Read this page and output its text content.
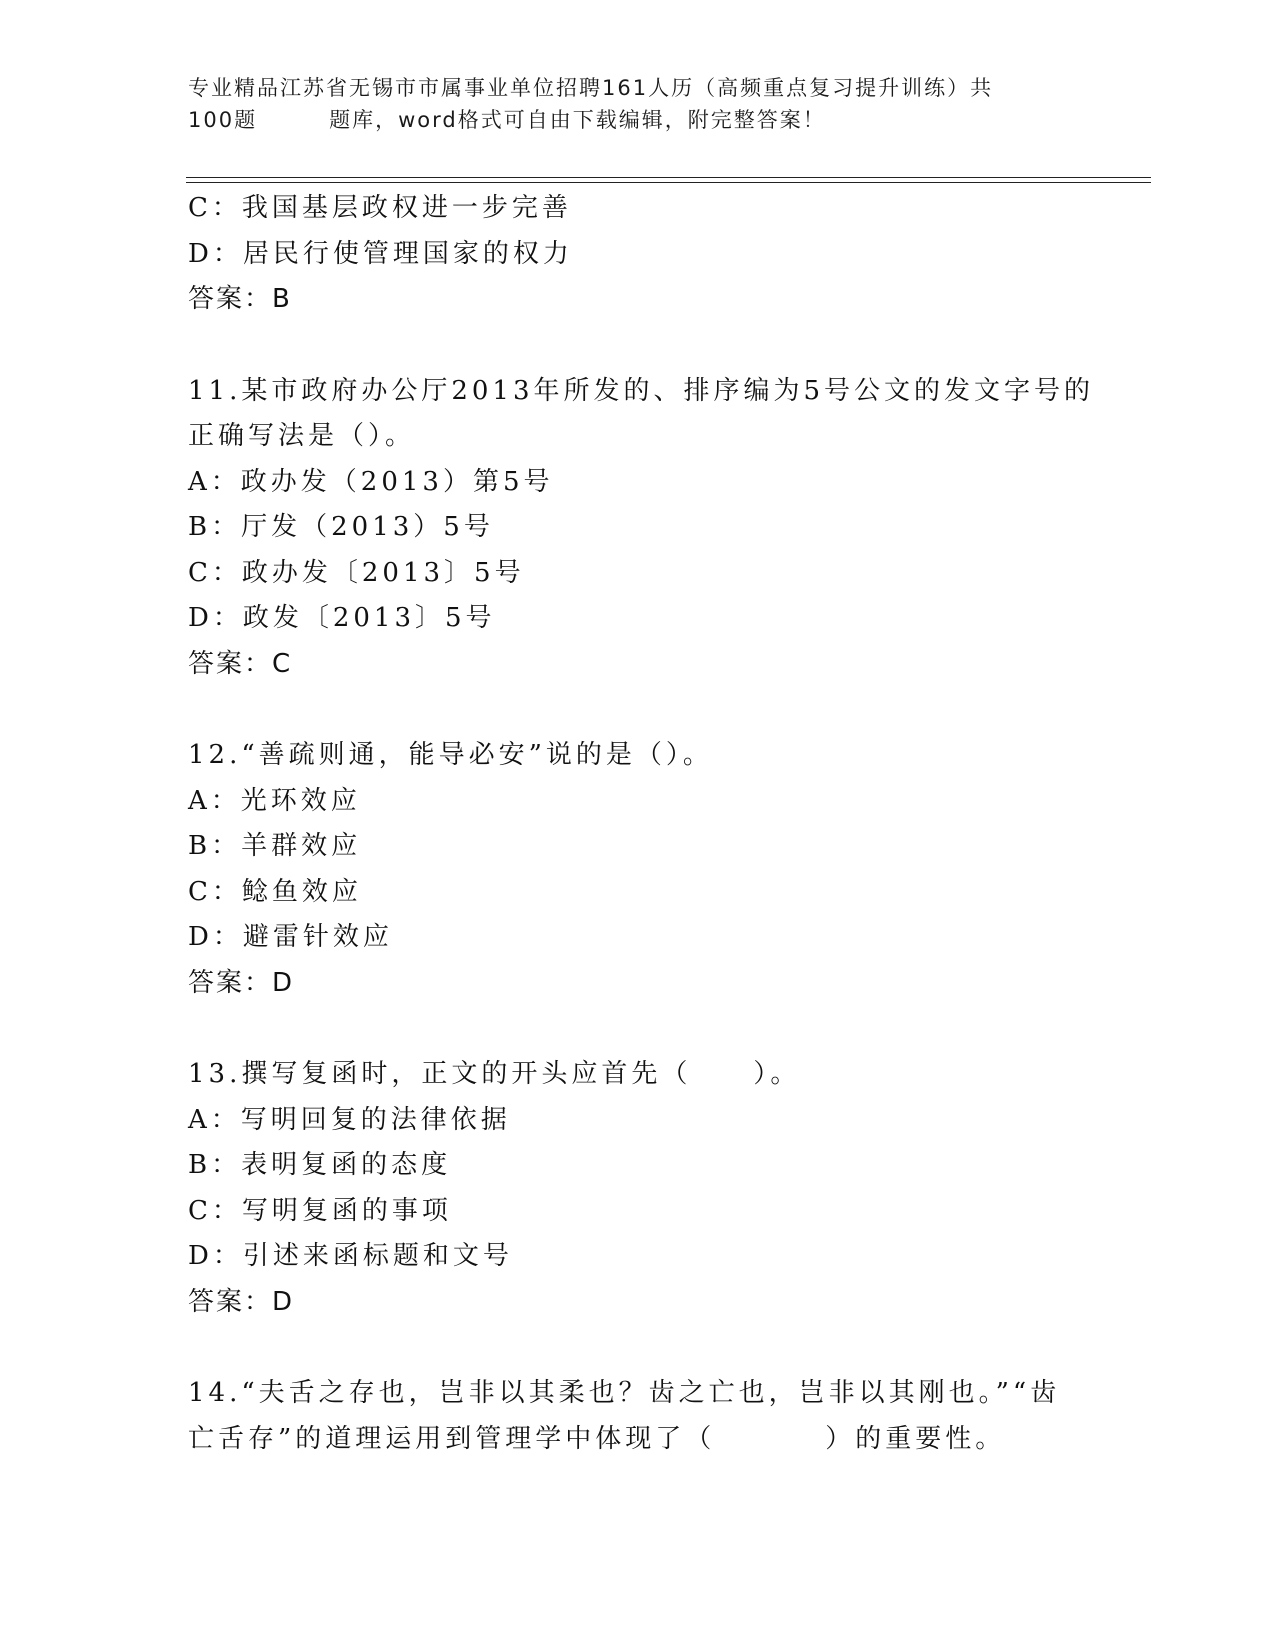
专业精品江苏省无锡市市属事业单位招聘161人历（高频重点复习提升训练）共
100题	题库，word格式可自由下载编辑，附完整答案！
C：我国基层政权进一步完善
D：居民行使管理国家的权力
答案：B
11.某市政府办公厅2013年所发的、排序编为5号公文的发文字号的
正确写法是（）。
A：政办发（2013）第5号
B：厅发（2013）5号
C：政办发〔2013〕5号
D：政发〔2013〕5号
答案：C
12.“善疏则通，能导必安”说的是（）。
A：光环效应
B：羊群效应
C：鲶鱼效应
D：避雷针效应
答案：D
13.撰写复函时，正文的开头应首先（ ）。
A：写明回复的法律依据
B：表明复函的态度
C：写明复函的事项
D：引述来函标题和文号
答案：D
14.“夫舌之存也，岂非以其柔也？齿之亡也，岂非以其刚也。”“齿
亡舌存”的道理运用到管理学中体现了（	）的重要性。
